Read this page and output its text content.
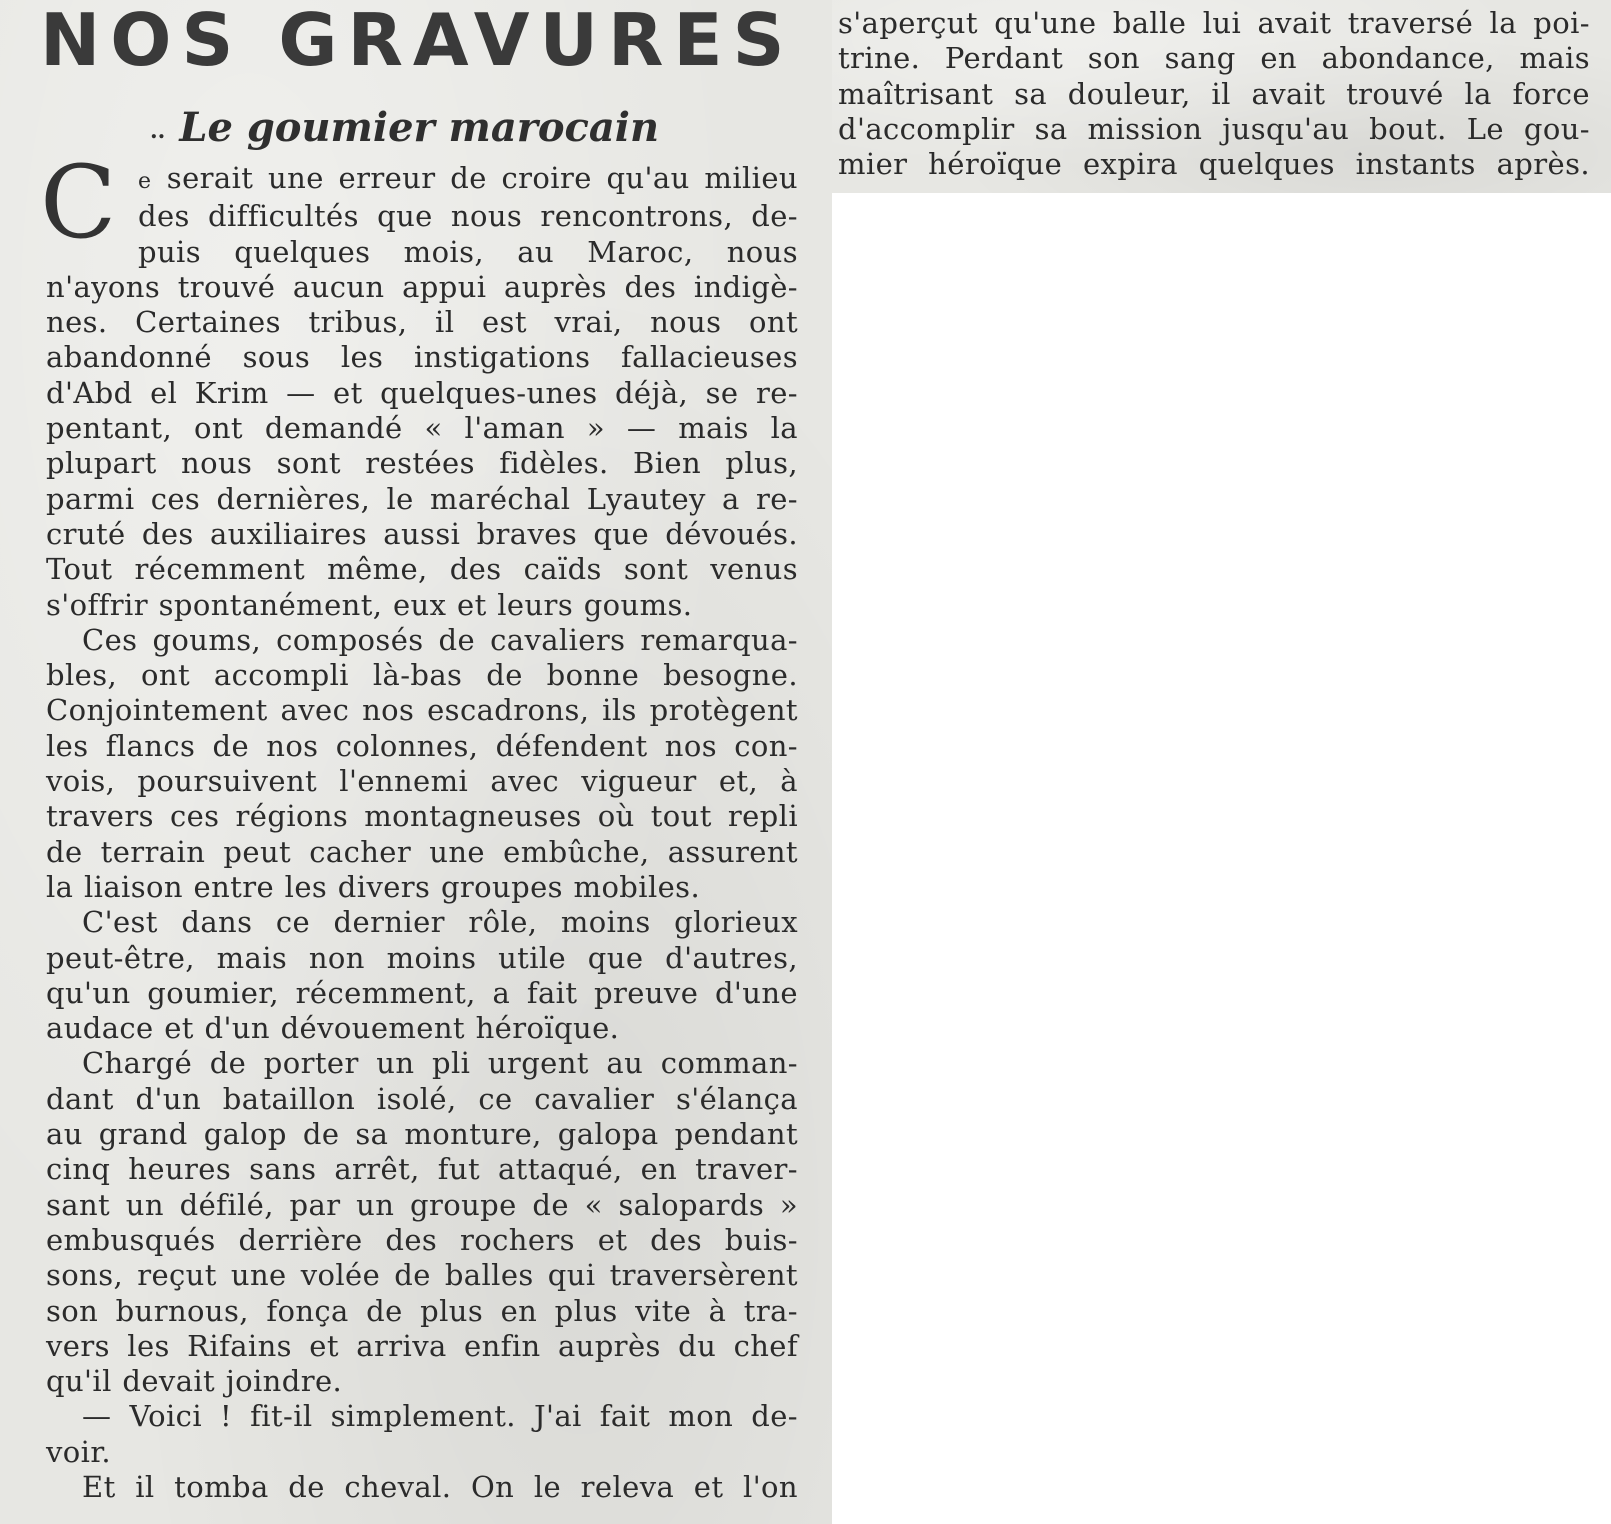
NOS GRAVURES
.. Le goumier marocain
C e serait une erreur de croire qu'au milieu
des difficultés que nous rencontrons, de-
puis quelques mois, au Maroc, nous
n'ayons trouvé aucun appui auprès des indigè-
nes. Certaines tribus, il est vrai, nous ont
abandonné sous les instigations fallacieuses
d'Abd el Krim — et quelques-unes déjà, se re-
pentant, ont demandé « l'aman » — mais la
plupart nous sont restées fidèles. Bien plus,
parmi ces dernières, le maréchal Lyautey a re-
cruté des auxiliaires aussi braves que dévoués.
Tout récemment même, des caïds sont venus
s'offrir spontanément, eux et leurs goums.
Ces goums, composés de cavaliers remarqua-
bles, ont accompli là-bas de bonne besogne.
Conjointement avec nos escadrons, ils protègent
les flancs de nos colonnes, défendent nos con-
vois, poursuivent l'ennemi avec vigueur et, à
travers ces régions montagneuses où tout repli
de terrain peut cacher une embûche, assurent
la liaison entre les divers groupes mobiles.
C'est dans ce dernier rôle, moins glorieux
peut-être, mais non moins utile que d'autres,
qu'un goumier, récemment, a fait preuve d'une
audace et d'un dévouement héroïque.
Chargé de porter un pli urgent au comman-
dant d'un bataillon isolé, ce cavalier s'élança
au grand galop de sa monture, galopa pendant
cinq heures sans arrêt, fut attaqué, en traver-
sant un défilé, par un groupe de « salopards »
embusqués derrière des rochers et des buis-
sons, reçut une volée de balles qui traversèrent
son burnous, fonça de plus en plus vite à tra-
vers les Rifains et arriva enfin auprès du chef
qu'il devait joindre.
— Voici ! fit-il simplement. J'ai fait mon de-
voir.
Et il tomba de cheval. On le releva et l'on
s'aperçut qu'une balle lui avait traversé la poi-
trine. Perdant son sang en abondance, mais
maîtrisant sa douleur, il avait trouvé la force
d'accomplir sa mission jusqu'au bout. Le gou-
mier héroïque expira quelques instants après.
